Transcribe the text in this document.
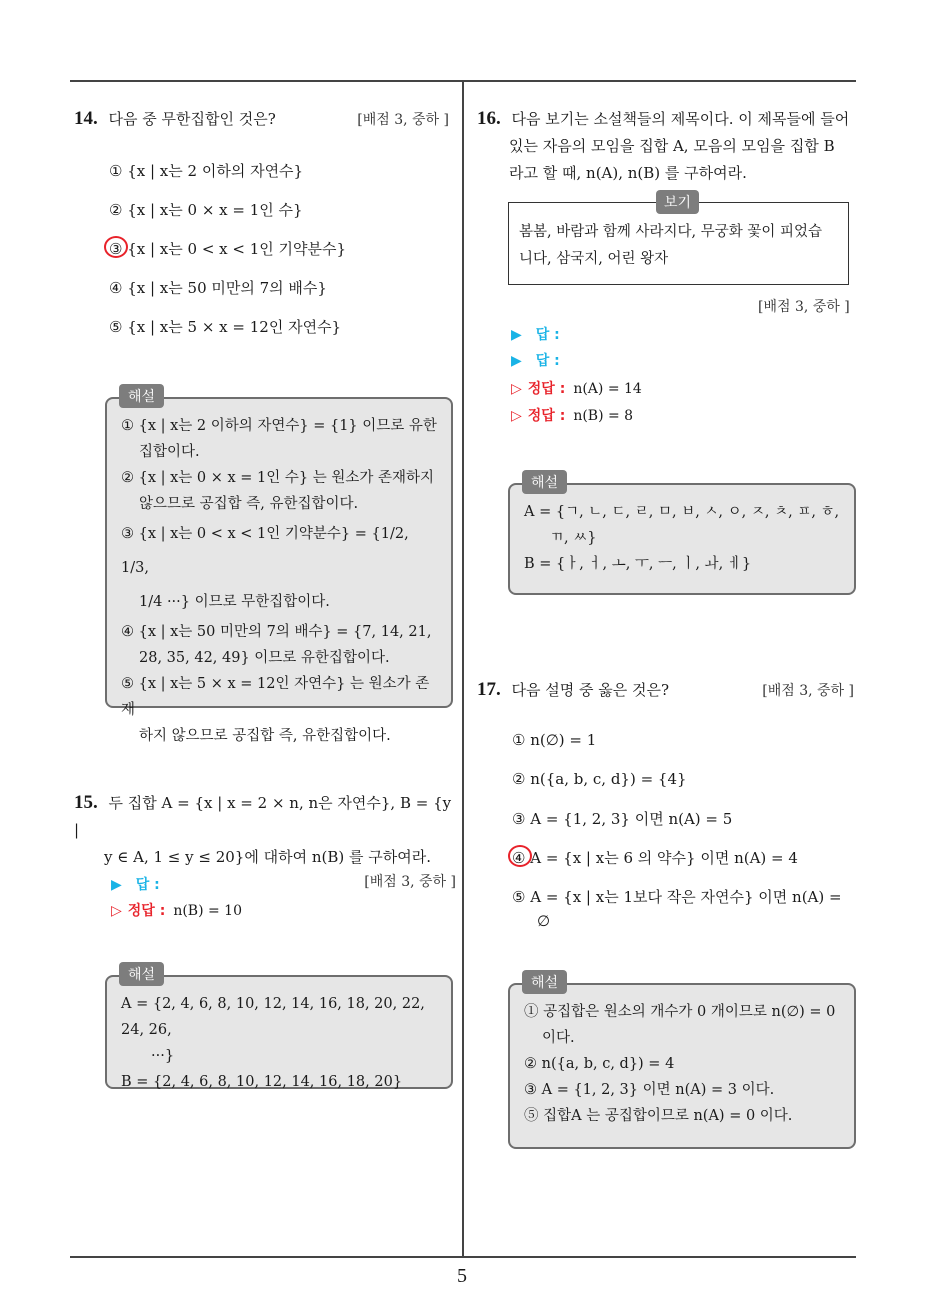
14. 다음 중 무한집합인 것은?	[배점 3, 중하 ]
① {x | x는 2 이하의 자연수}
② {x | x는 0 × x = 1인 수}
③ {x | x는 0 < x < 1인 기약분수}
④ {x | x는 50 미만의 7의 배수}
⑤ {x | x는 5 × x = 12인 자연수}

① {x | x는 2 이하의 자연수} = {1} 이므로 유한

집합이다.

② {x | x는 0 × x = 1인 수} 는 원소가 존재하지

않으므로 공집합 즉, 유한집합이다.

③ {x | x는 0 < x < 1인 기약분수} = {1/2, 1/3,

1/4 ···} 이므로 무한집합이다.

④ {x | x는 50 미만의 7의 배수} = {7, 14, 21,

28, 35, 42, 49} 이므로 유한집합이다.

⑤ {x | x는 5 × x = 12인 자연수} 는 원소가 존재

하지 않으므로 공집합 즉, 유한집합이다.

해설
15. 두 집합 A = {x | x = 2 × n, n은 자연수}, B = {y |
y ∈ A, 1 ≤ y ≤ 20}에 대하여 n(B) 를 구하여라.
[배점 3, 중하 ]
▶ 답 :
▷ 정답 : n(B) = 10

A = {2, 4, 6, 8, 10, 12, 14, 16, 18, 20, 22, 24, 26,

···}

B = {2, 4, 6, 8, 10, 12, 14, 16, 18, 20}

해설
16. 다음 보기는 소설책들의 제목이다. 이 제목들에 들어
있는 자음의 모임을 집합 A, 모음의 모임을 집합 B
라고 할 때, n(A), n(B) 를 구하여라.
봄봄, 바람과 함께 사라지다, 무궁화 꽃이 피었습
니다, 삼국지, 어린 왕자
보기
[배점 3, 중하 ]
▶ 답 :
▶ 답 :
▷ 정답 : n(A) = 14
▷ 정답 : n(B) = 8

A = {ㄱ, ㄴ, ㄷ, ㄹ, ㅁ, ㅂ, ㅅ, ㅇ, ㅈ, ㅊ, ㅍ, ㅎ,

ㄲ, ㅆ}

B = {ㅏ, ㅓ, ㅗ, ㅜ, ㅡ, ㅣ, ㅘ, ㅔ}

해설
17. 다음 설명 중 옳은 것은?	[배점 3, 중하 ]
① n(∅) = 1
② n({a, b, c, d}) = {4}
③ A = {1, 2, 3} 이면 n(A) = 5
④ A = {x | x는 6 의 약수} 이면 n(A) = 4
⑤ A = {x | x는 1보다 작은 자연수} 이면 n(A) =
∅

① 공집합은 원소의 개수가 0 개이므로 n(∅) = 0

이다.

② n({a, b, c, d}) = 4

③ A = {1, 2, 3} 이면 n(A) = 3 이다.

⑤ 집합A 는 공집합이므로 n(A) = 0 이다.

해설
5
